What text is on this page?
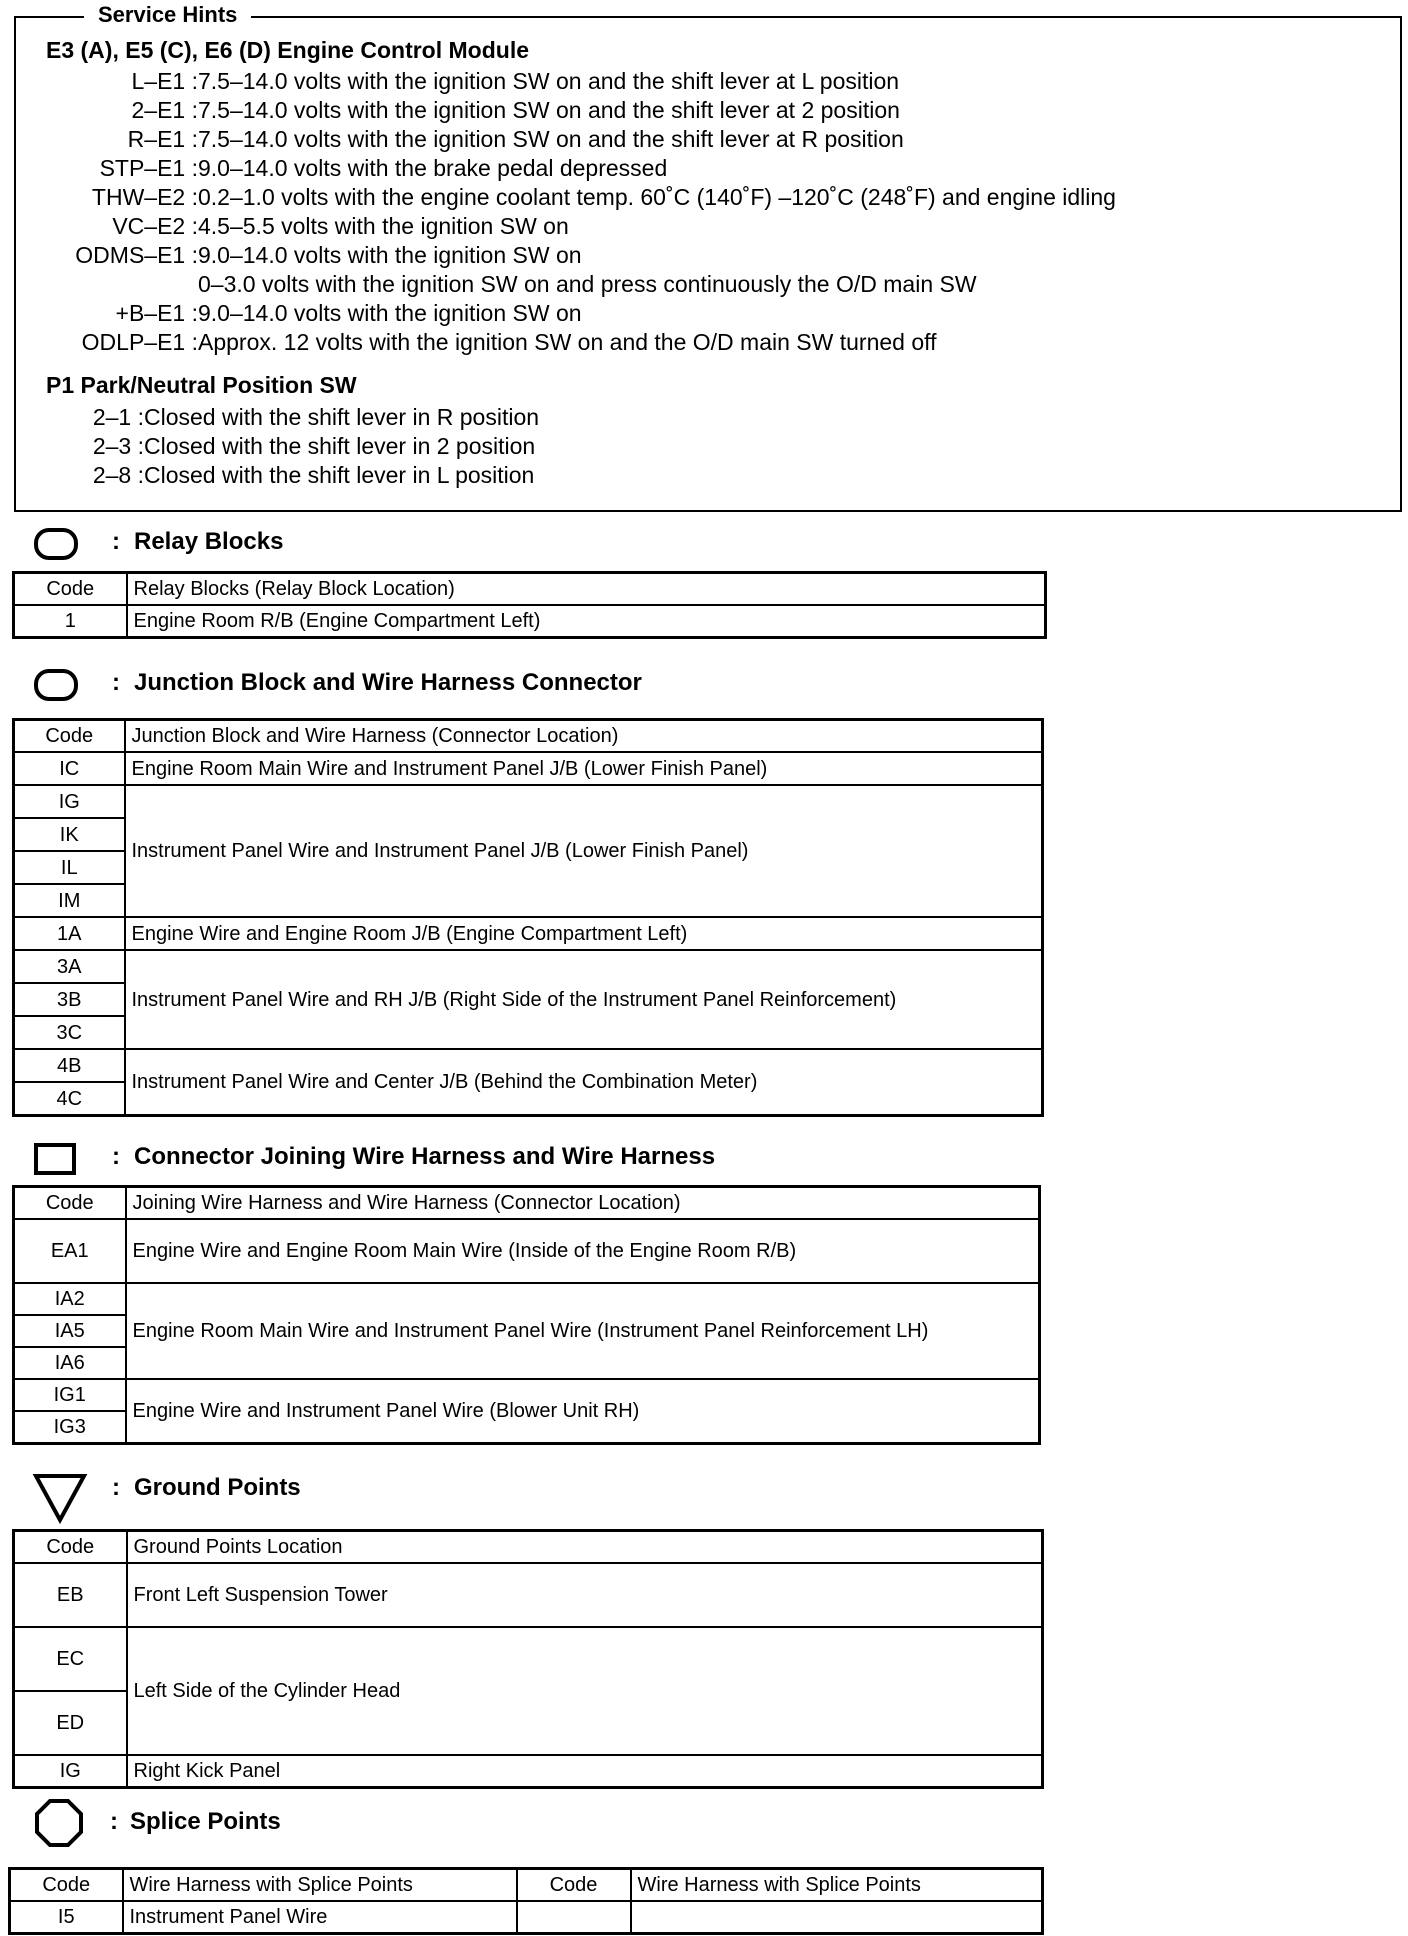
Service Hints
E3 (A), E5 (C), E6 (D) Engine Control Module
L–E1 : 7.5–14.0 volts with the ignition SW on and the shift lever at L position
2–E1 : 7.5–14.0 volts with the ignition SW on and the shift lever at 2 position
R–E1 : 7.5–14.0 volts with the ignition SW on and the shift lever at R position
STP–E1 : 9.0–14.0 volts with the brake pedal depressed
THW–E2 : 0.2–1.0 volts with the engine coolant temp. 60˚C (140˚F) –120˚C (248˚F) and engine idling
VC–E2 : 4.5–5.5 volts with the ignition SW on
ODMS–E1 : 9.0–14.0 volts with the ignition SW on
0–3.0 volts with the ignition SW on and press continuously the O/D main SW
+B–E1 : 9.0–14.0 volts with the ignition SW on
ODLP–E1 : Approx. 12 volts with the ignition SW on and the O/D main SW turned off
P1 Park/Neutral Position SW
2–1 : Closed with the shift lever in R position
2–3 : Closed with the shift lever in 2 position
2–8 : Closed with the shift lever in L position
: Relay Blocks
Code	Relay Blocks (Relay Block Location)
1	Engine Room R/B (Engine Compartment Left)
: Junction Block and Wire Harness Connector
Code	Junction Block and Wire Harness (Connector Location)
IC	Engine Room Main Wire and Instrument Panel J/B (Lower Finish Panel)
IG	Instrument Panel Wire and Instrument Panel J/B (Lower Finish Panel)
IK	
IL	
IM	
1A	Engine Wire and Engine Room J/B (Engine Compartment Left)
3A	Instrument Panel Wire and RH J/B (Right Side of the Instrument Panel Reinforcement)
3B	
3C	
4B	Instrument Panel Wire and Center J/B (Behind the Combination Meter)
4C	
: Connector Joining Wire Harness and Wire Harness
Code	Joining Wire Harness and Wire Harness (Connector Location)
EA1	Engine Wire and Engine Room Main Wire (Inside of the Engine Room R/B)
IA2	Engine Room Main Wire and Instrument Panel Wire (Instrument Panel Reinforcement LH)
IA5	
IA6	
IG1	Engine Wire and Instrument Panel Wire (Blower Unit RH)
IG3	
: Ground Points
Code	Ground Points Location
EB	Front Left Suspension Tower
EC	Left Side of the Cylinder Head
ED	
IG	Right Kick Panel
: Splice Points
Code	Wire Harness with Splice Points	Code	Wire Harness with Splice Points
I5	Instrument Panel Wire		
